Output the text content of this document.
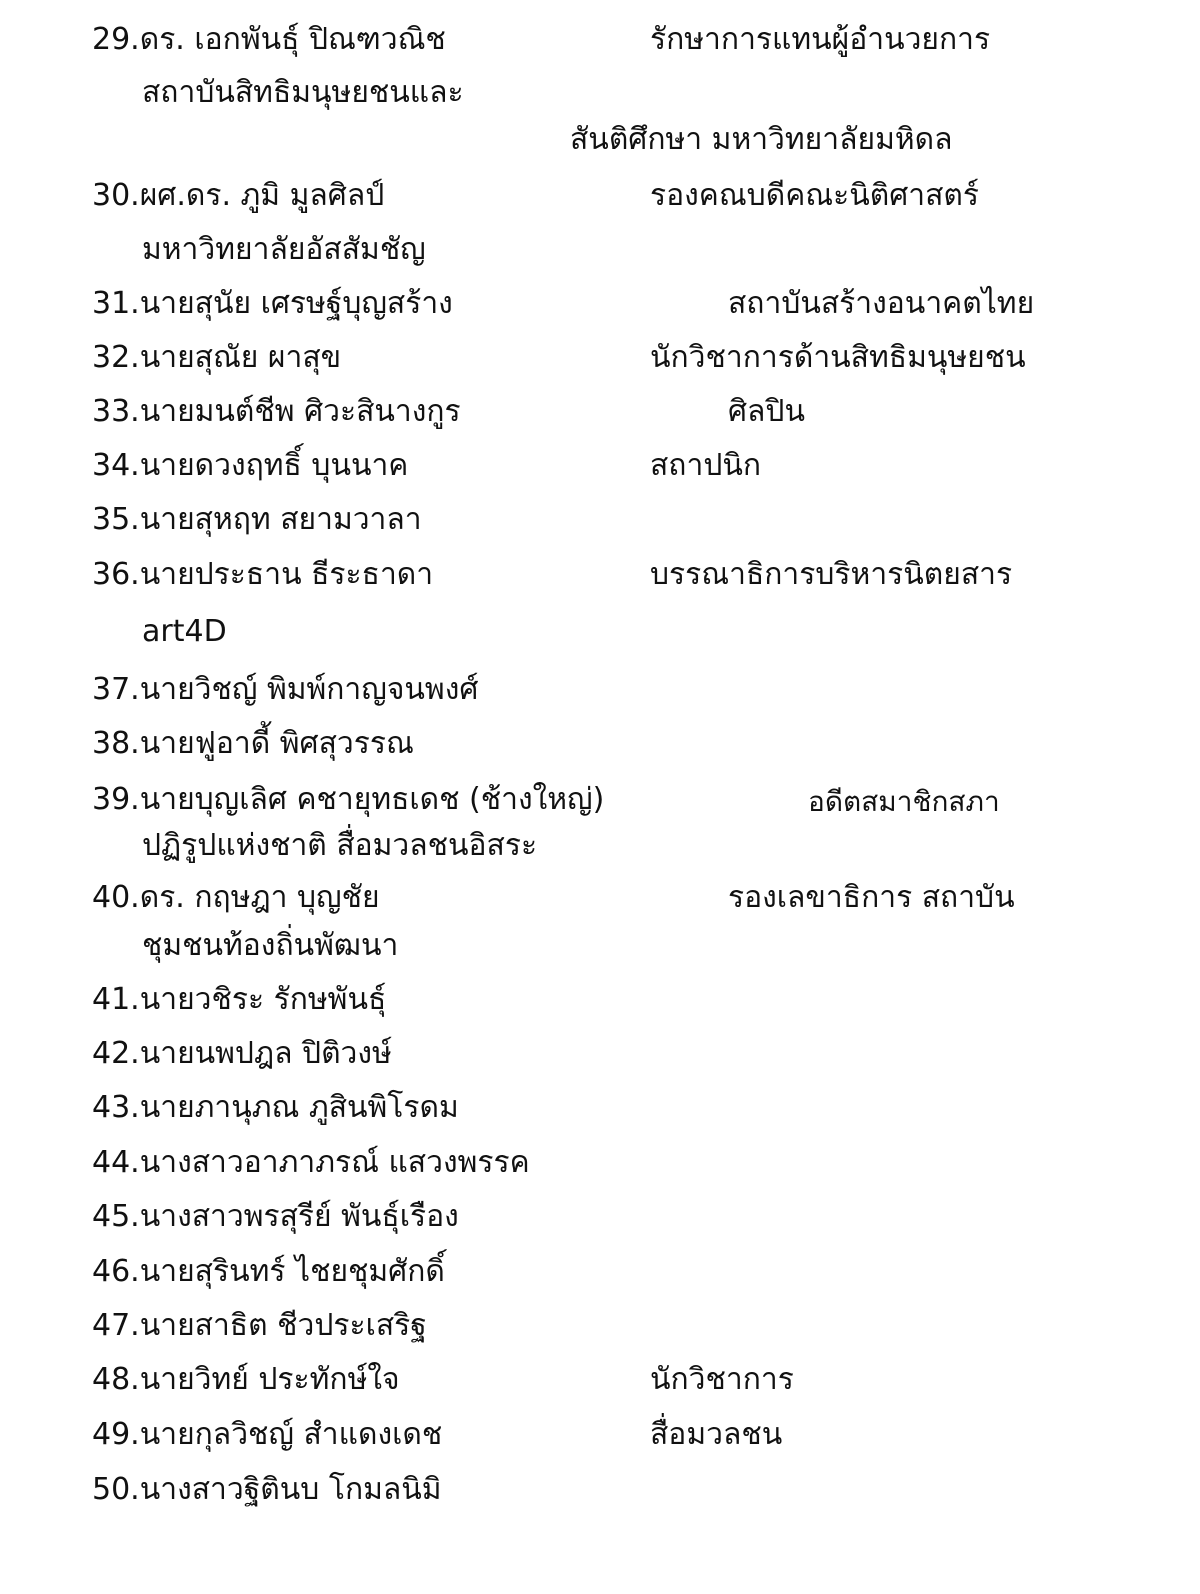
29.ดร. เอกพันธุ์ ปิณฑวณิช	รักษาการแทนผู้อำนวยการ
สถาบันสิทธิมนุษยชนและ
สันติศึกษา มหาวิทยาลัยมหิดล
30.ผศ.ดร. ภูมิ มูลศิลป์	รองคณบดีคณะนิติศาสตร์
มหาวิทยาลัยอัสสัมชัญ
31.นายสุนัย เศรษฐ์บุญสร้าง	สถาบันสร้างอนาคตไทย
32.นายสุณัย ผาสุข	นักวิชาการด้านสิทธิมนุษยชน
33.นายมนต์ชีพ ศิวะสินางกูร	ศิลปิน
34.นายดวงฤทธิ์ บุนนาค	สถาปนิก
35.นายสุหฤท สยามวาลา
36.นายประธาน ธีระธาดา	บรรณาธิการบริหารนิตยสาร
art4D
37.นายวิชญ์ พิมพ์กาญจนพงศ์
38.นายฟูอาดี้ พิศสุวรรณ
39.นายบุญเลิศ คชายุทธเดช (ช้างใหญ่)	อดีตสมาชิกสภา
ปฏิรูปแห่งชาติ สื่อมวลชนอิสระ
40.ดร. กฤษฎา บุญชัย	รองเลขาธิการ สถาบัน
ชุมชนท้องถิ่นพัฒนา
41.นายวชิระ รักษพันธุ์
42.นายนพปฎล ปิติวงษ์
43.นายภานุภณ ภูสินพิโรดม
44.นางสาวอาภาภรณ์ แสวงพรรค
45.นางสาวพรสุรีย์ พันธุ์เรือง
46.นายสุรินทร์ ไชยชุมศักดิ์
47.นายสาธิต ชีวประเสริฐ
48.นายวิทย์ ประทักษ์ใจ	นักวิชาการ
49.นายกุลวิชญ์ สำแดงเดช	สื่อมวลชน
50.นางสาวฐิตินบ โกมลนิมิ
